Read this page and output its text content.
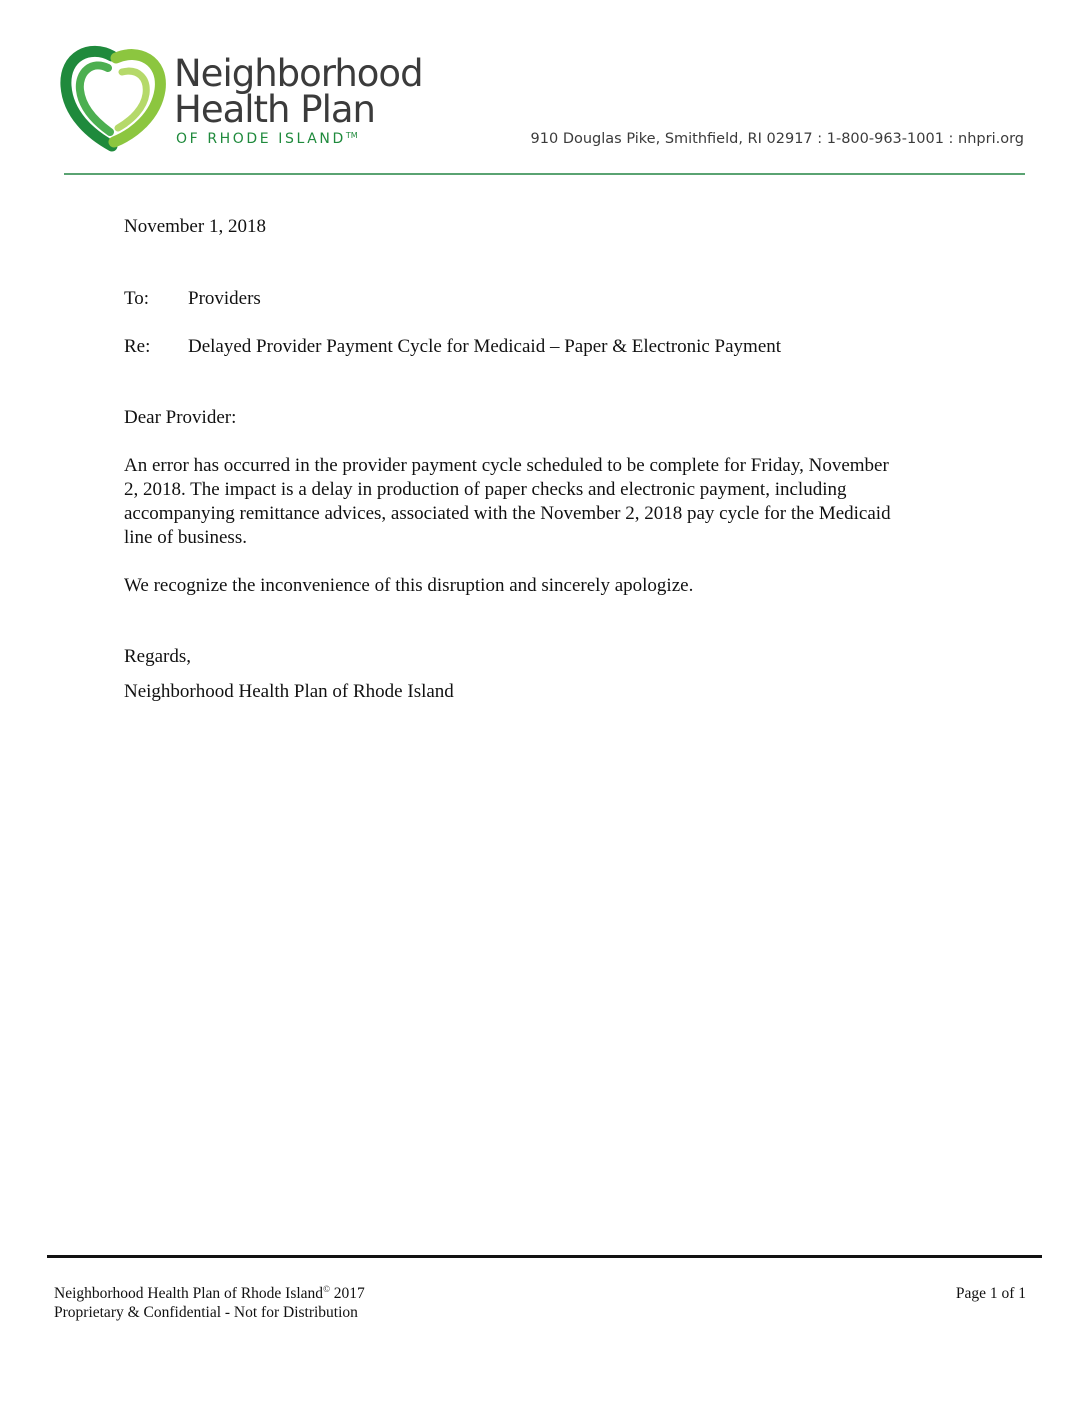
Neighborhood
Health Plan
OF RHODE ISLAND™	910 Douglas Pike, Smithfield, RI 02917 : 1-800-963-1001 : nhpri.org
November 1, 2018
To: Providers
Re: Delayed Provider Payment Cycle for Medicaid – Paper & Electronic Payment
Dear Provider:
An error has occurred in the provider payment cycle scheduled to be complete for Friday, November
2, 2018. The impact is a delay in production of paper checks and electronic payment, including
accompanying remittance advices, associated with the November 2, 2018 pay cycle for the Medicaid
line of business.
We recognize the inconvenience of this disruption and sincerely apologize.
Regards,
Neighborhood Health Plan of Rhode Island
Neighborhood Health Plan of Rhode Island© 2017
Proprietary & Confidential - Not for Distribution
Page 1 of 1
